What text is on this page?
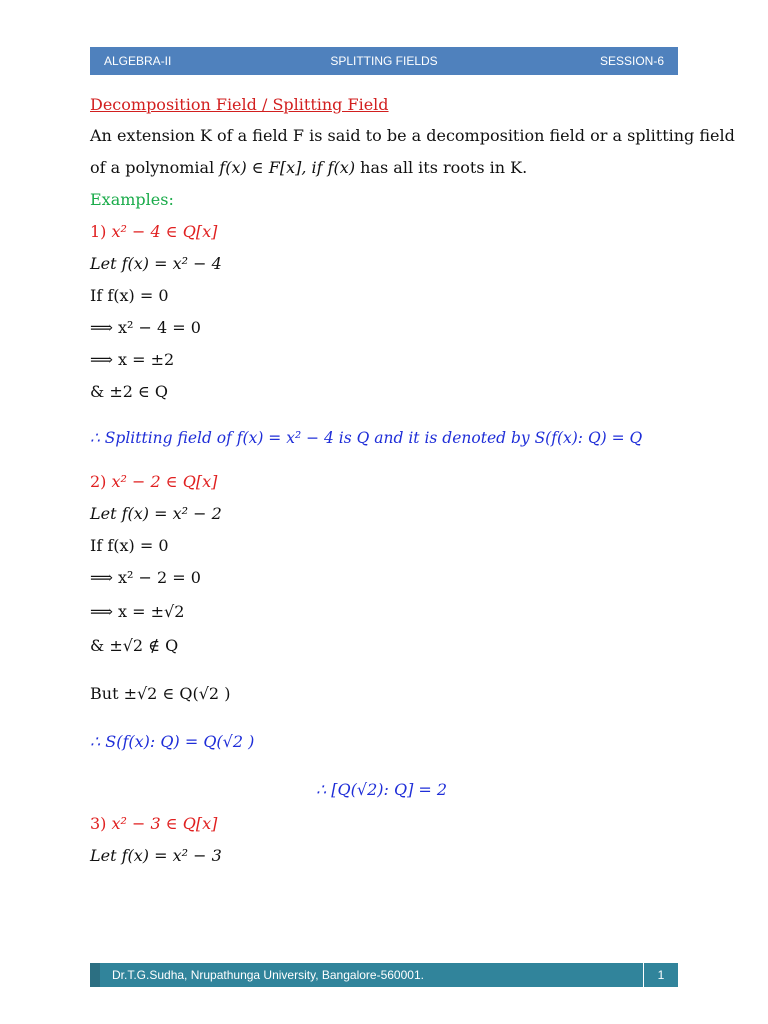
ALGEBRA-II	SPLITTING FIELDS	SESSION-6
Decomposition Field / Splitting Field
An extension K of a field F is said to be a decomposition field or a splitting field
of a polynomial f(x) ∈ F[x], if f(x) has all its roots in K.
Examples:
1) x² − 4 ∈ Q[x]
Let f(x) = x² − 4
If f(x) = 0
⟹ x² − 4 = 0
⟹ x = ±2
& ±2 ∈ Q
∴ Splitting field of f(x) = x² − 4 is Q and it is denoted by S(f(x): Q) = Q
2) x² − 2 ∈ Q[x]
Let f(x) = x² − 2
If f(x) = 0
⟹ x² − 2 = 0
⟹ x = ±√2
& ±√2 ∉ Q
But ±√2 ∈ Q(√2 )
∴ S(f(x): Q) = Q(√2 )
∴ [Q(√2): Q] = 2
3) x² − 3 ∈ Q[x]
Let f(x) = x² − 3
Dr.T.G.Sudha, Nrupathunga University, Bangalore-560001.	1
